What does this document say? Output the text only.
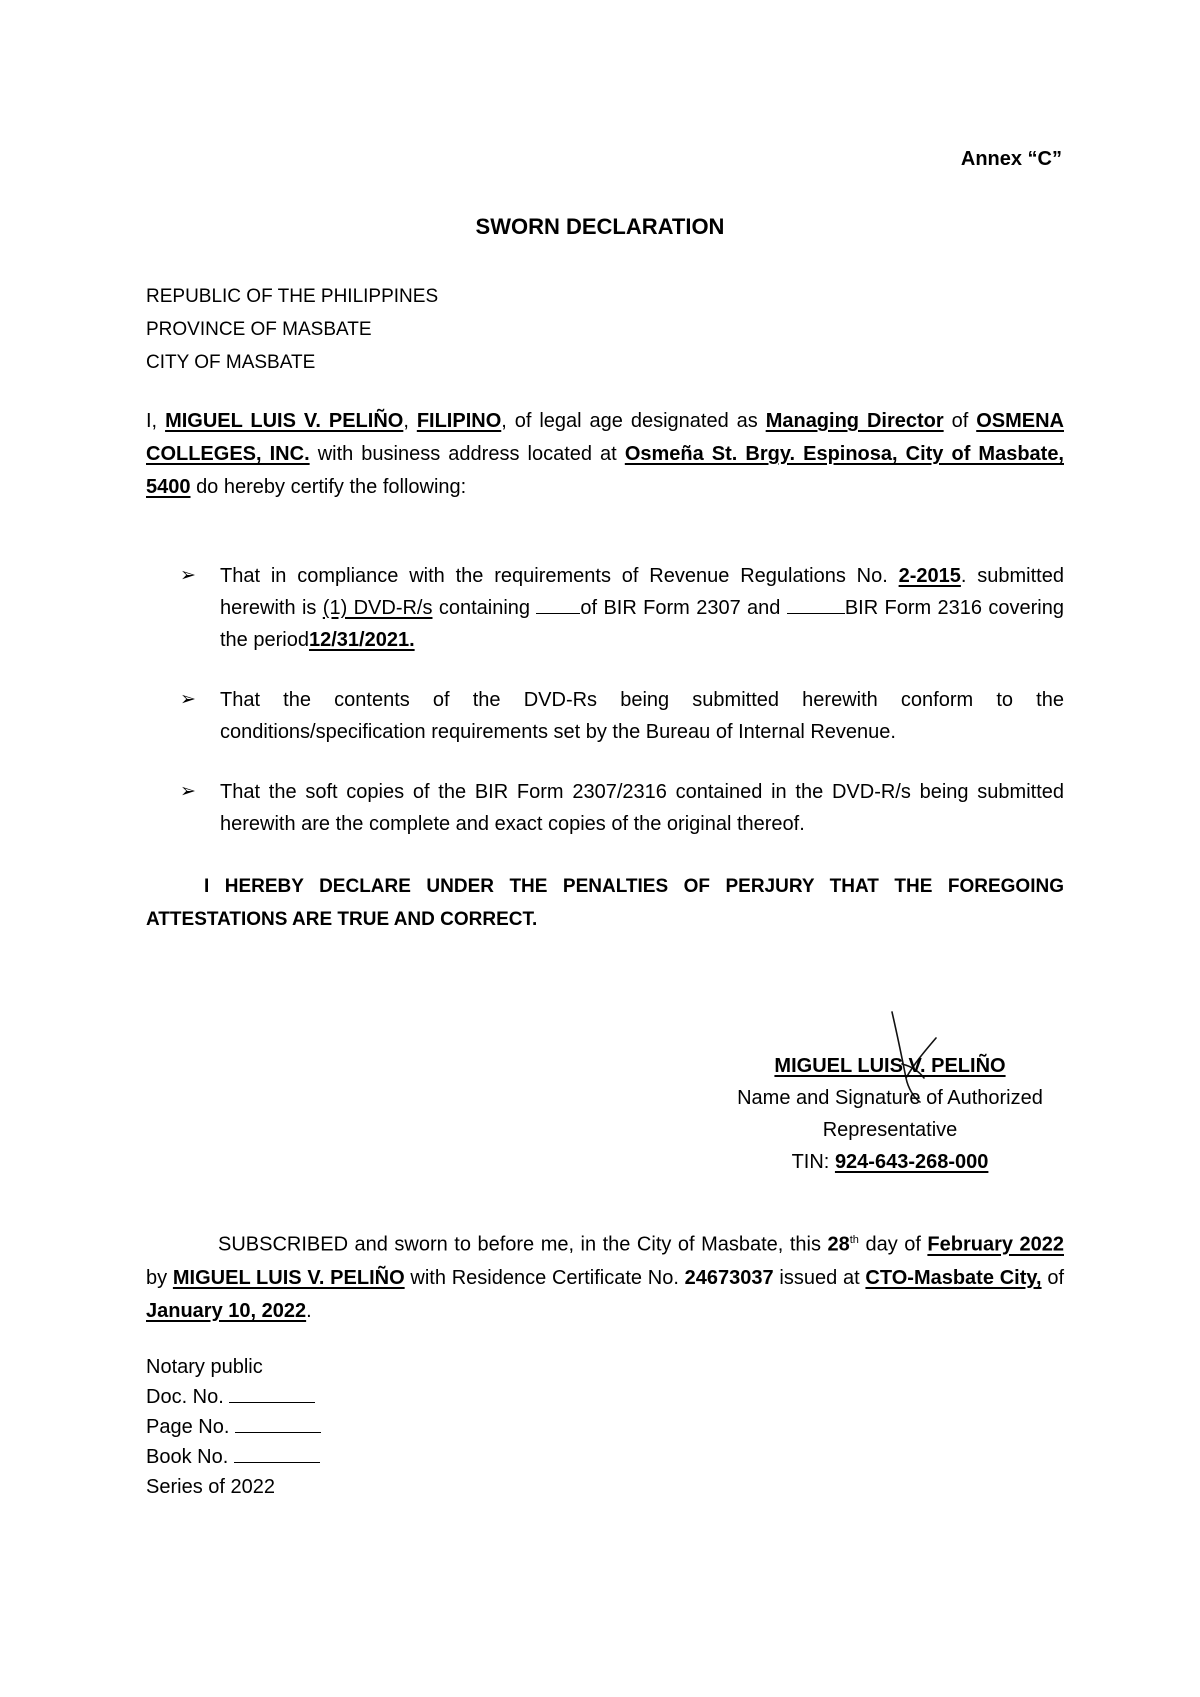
Annex “C”
SWORN DECLARATION
REPUBLIC OF THE PHILIPPINES
PROVINCE OF MASBATE
CITY OF MASBATE

I, MIGUEL LUIS V. PELIÑO, FILIPINO, of legal age designated as Managing Director of OSMENA COLLEGES, INC. with business address located at Osmeña St. Brgy. Espinosa, City of Masbate, 5400 do hereby certify the following:

➢ That in compliance with the requirements of Revenue Regulations No. 2-2015. submitted herewith is (1) DVD-R/s containing	of BIR Form 2307 and	BIR Form 2316 covering the period12/31/2021.
➢ That the contents of the DVD-Rs being submitted herewith conform to the conditions/specification requirements set by the Bureau of Internal Revenue.
➢ That the soft copies of the BIR Form 2307/2316 contained in the DVD-R/s being submitted herewith are the complete and exact copies of the original thereof.

I HEREBY DECLARE UNDER THE PENALTIES OF PERJURY THAT THE FOREGOING ATTESTATIONS ARE TRUE AND CORRECT.

MIGUEL LUIS V. PELIÑO
Name and Signature of Authorized
Representative
TIN: 924-643-268-000

SUBSCRIBED and sworn to before me, in the City of Masbate, this 28th day of February 2022 by MIGUEL LUIS V. PELIÑO with Residence Certificate No. 24673037 issued at CTO-Masbate City, of January 10, 2022.

Notary public
Doc. No.
Page No.
Book No.
Series of 2022
